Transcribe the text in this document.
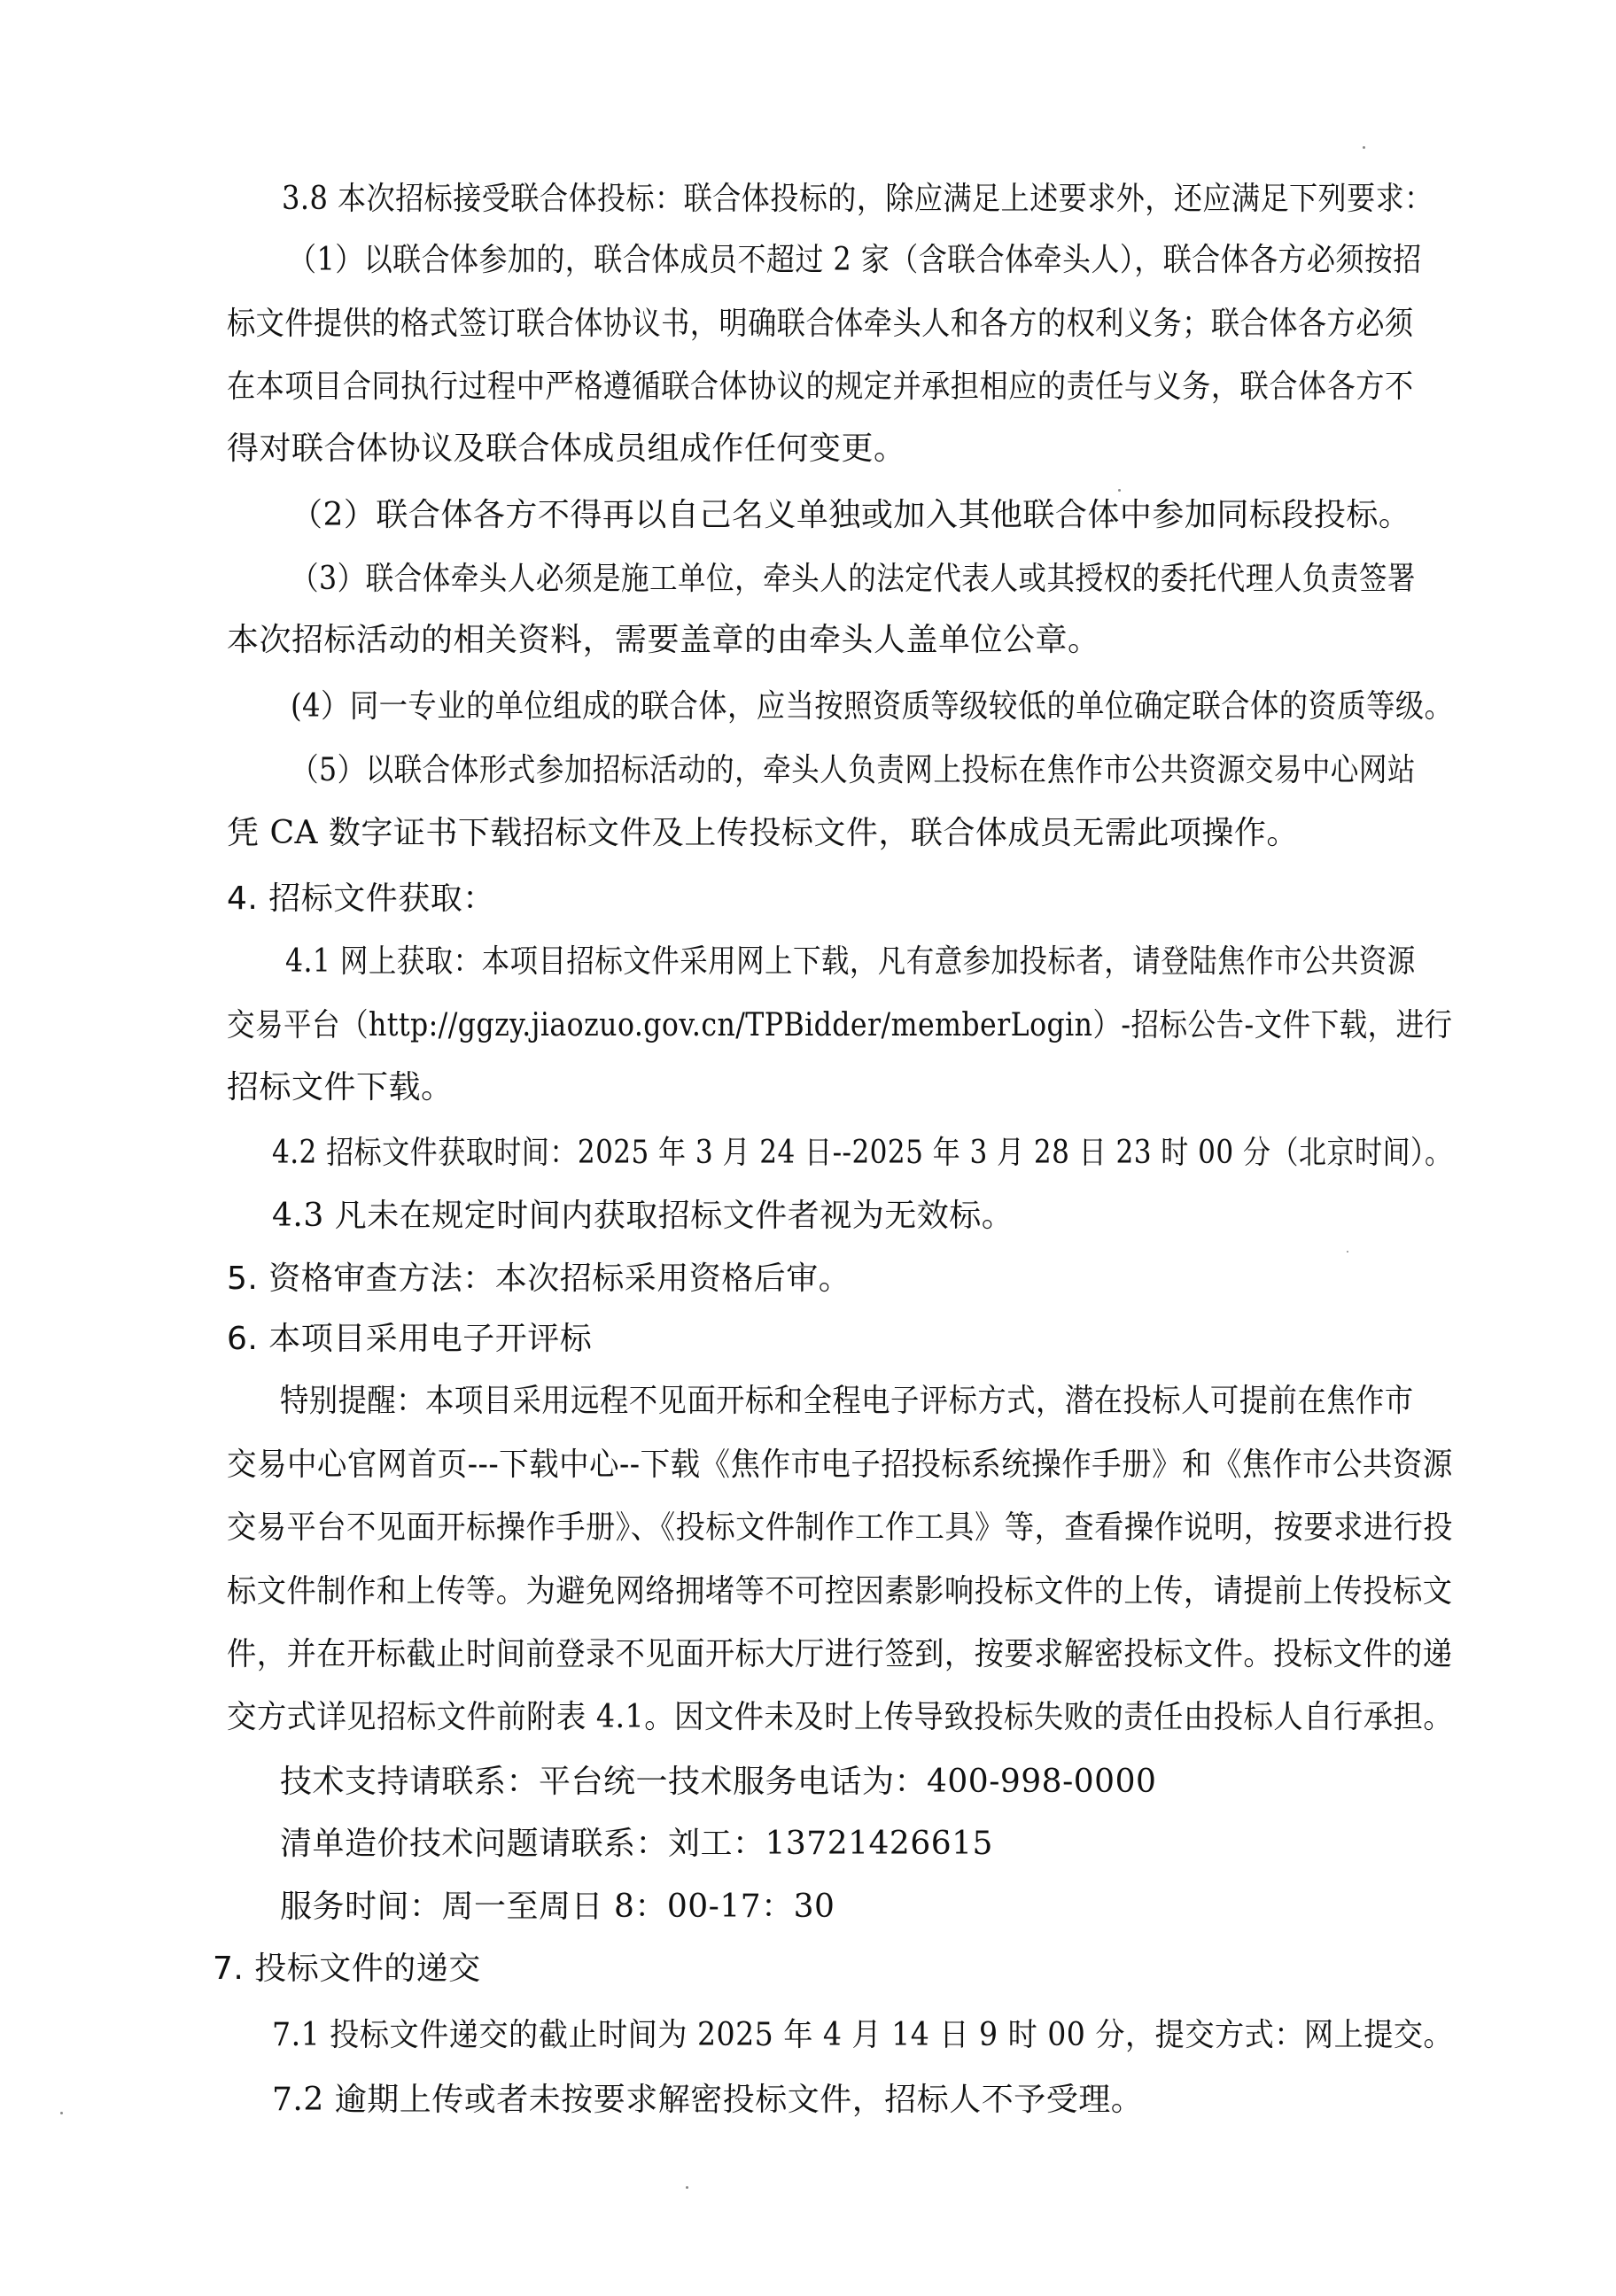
3.8 本次招标接受联合体投标：联合体投标的，除应满足上述要求外，还应满足下列要求：
（1）以联合体参加的，联合体成员不超过 2 家（含联合体牵头人），联合体各方必须按招
标文件提供的格式签订联合体协议书，明确联合体牵头人和各方的权利义务；联合体各方必须
在本项目合同执行过程中严格遵循联合体协议的规定并承担相应的责任与义务，联合体各方不
得对联合体协议及联合体成员组成作任何变更。
（2）联合体各方不得再以自己名义单独或加入其他联合体中参加同标段投标。
（3）联合体牵头人必须是施工单位，牵头人的法定代表人或其授权的委托代理人负责签署
本次招标活动的相关资料，需要盖章的由牵头人盖单位公章。
(4）同一专业的单位组成的联合体，应当按照资质等级较低的单位确定联合体的资质等级。
（5）以联合体形式参加招标活动的，牵头人负责网上投标在焦作市公共资源交易中心网站
凭 CA 数字证书下载招标文件及上传投标文件，联合体成员无需此项操作。
4. 招标文件获取：
4.1 网上获取：本项目招标文件采用网上下载，凡有意参加投标者，请登陆焦作市公共资源
交易平台（http://ggzy.jiaozuo.gov.cn/TPBidder/memberLogin）-招标公告-文件下载，进行
招标文件下载。
4.2 招标文件获取时间：2025 年 3 月 24 日--2025 年 3 月 28 日 23 时 00 分（北京时间）。
4.3 凡未在规定时间内获取招标文件者视为无效标。
5. 资格审查方法：本次招标采用资格后审。
6. 本项目采用电子开评标
特别提醒：本项目采用远程不见面开标和全程电子评标方式，潜在投标人可提前在焦作市
交易中心官网首页---下载中心--下载《焦作市电子招投标系统操作手册》和《焦作市公共资源
交易平台不见面开标操作手册》、《投标文件制作工作工具》等，查看操作说明，按要求进行投
标文件制作和上传等。为避免网络拥堵等不可控因素影响投标文件的上传，请提前上传投标文
件，并在开标截止时间前登录不见面开标大厅进行签到，按要求解密投标文件。投标文件的递
交方式详见招标文件前附表 4.1。因文件未及时上传导致投标失败的责任由投标人自行承担。
技术支持请联系：平台统一技术服务电话为：400-998-0000
清单造价技术问题请联系：刘工：13721426615
服务时间：周一至周日 8：00-17：30
7. 投标文件的递交
7.1 投标文件递交的截止时间为 2025 年 4 月 14 日 9 时 00 分，提交方式：网上提交。
7.2 逾期上传或者未按要求解密投标文件，招标人不予受理。
